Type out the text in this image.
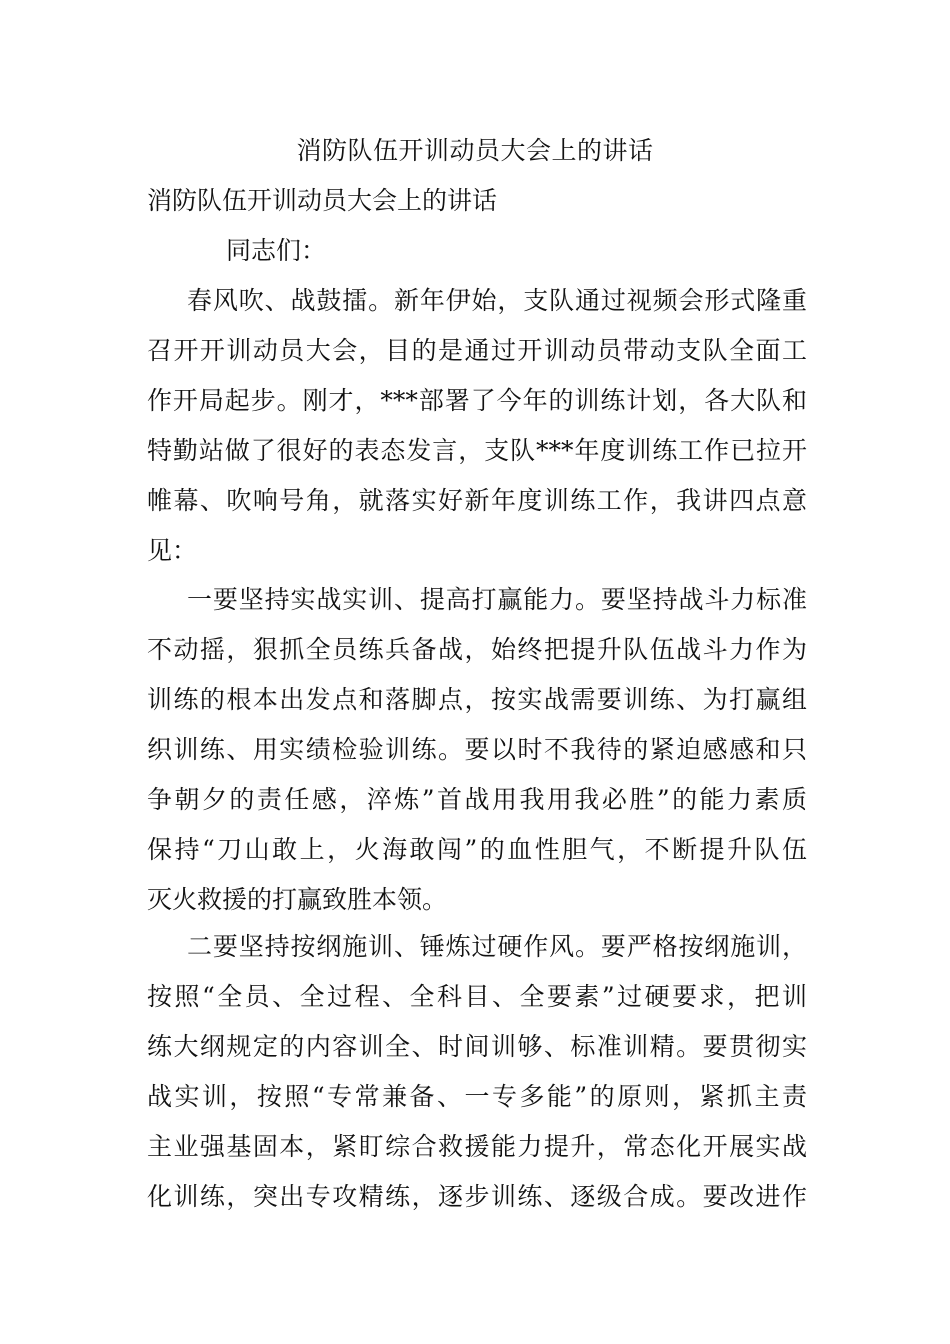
消防队伍开训动员大会上的讲话
消防队伍开训动员大会上的讲话
同志们：

春风吹、战鼓擂。新年伊始，支队通过视频会形式隆重
召开开训动员大会，目的是通过开训动员带动支队全面工
作开局起步。刚才，***部署了今年的训练计划，各大队和
特勤站做了很好的表态发言，支队***年度训练工作已拉开
帷幕、吹响号角，就落实好新年度训练工作，我讲四点意
见：

一要坚持实战实训、提高打赢能力。要坚持战斗力标准
不动摇，狠抓全员练兵备战，始终把提升队伍战斗力作为
训练的根本出发点和落脚点，按实战需要训练、为打赢组
织训练、用实绩检验训练。要以时不我待的紧迫感感和只
争朝夕的责任感，淬炼”首战用我用我必胜”的能力素质
保持“刀山敢上，火海敢闯”的血性胆气，不断提升队伍
灭火救援的打赢致胜本领。

二要坚持按纲施训、锤炼过硬作风。要严格按纲施训，
按照“全员、全过程、全科目、全要素”过硬要求，把训
练大纲规定的内容训全、时间训够、标准训精。要贯彻实
战实训，按照“专常兼备、一专多能”的原则，紧抓主责
主业强基固本，紧盯综合救援能力提升，常态化开展实战
化训练，突出专攻精练，逐步训练、逐级合成。要改进作
